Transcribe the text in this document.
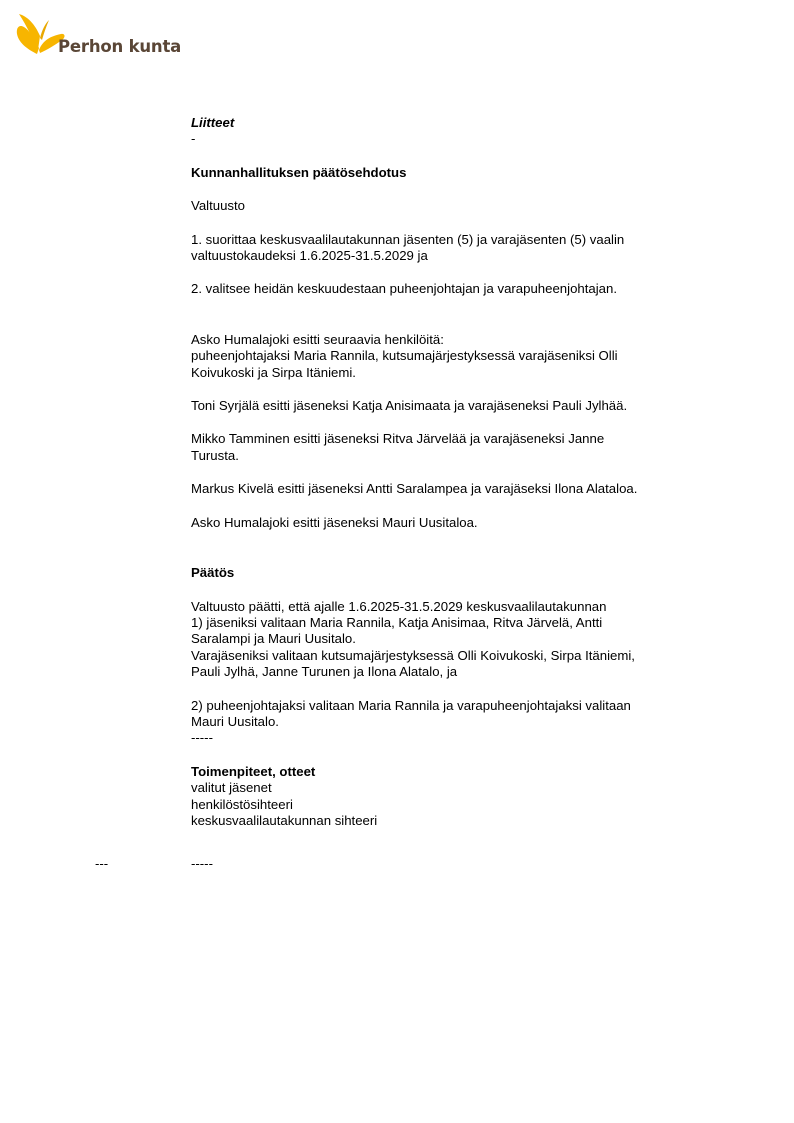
Perhon kunta

Liitteet

-

Kunnanhallituksen päätösehdotus

Valtuusto

1. suorittaa keskusvaalilautakunnan jäsenten (5) ja varajäsenten (5) vaalin

valtuustokaudeksi 1.6.2025-31.5.2029 ja

2. valitsee heidän keskuudestaan puheenjohtajan ja varapuheenjohtajan.

Asko Humalajoki esitti seuraavia henkilöitä:

puheenjohtajaksi Maria Rannila, kutsumajärjestyksessä varajäseniksi Olli

Koivukoski ja Sirpa Itäniemi.

Toni Syrjälä esitti jäseneksi Katja Anisimaata ja varajäseneksi Pauli Jylhää.

Mikko Tamminen esitti jäseneksi Ritva Järvelää ja varajäseneksi Janne

Turusta.

Markus Kivelä esitti jäseneksi Antti Saralampea ja varajäseksi Ilona Alataloa.

Asko Humalajoki esitti jäseneksi Mauri Uusitaloa.

Päätös

Valtuusto päätti, että ajalle 1.6.2025-31.5.2029 keskusvaalilautakunnan

1) jäseniksi valitaan Maria Rannila, Katja Anisimaa, Ritva Järvelä, Antti

Saralampi ja Mauri Uusitalo.

Varajäseniksi valitaan kutsumajärjestyksessä Olli Koivukoski, Sirpa Itäniemi,

Pauli Jylhä, Janne Turunen ja Ilona Alatalo, ja

2) puheenjohtajaksi valitaan Maria Rannila ja varapuheenjohtajaksi valitaan

Mauri Uusitalo.

-----

Toimenpiteet, otteet

valitut jäsenet

henkilöstösihteeri

keskusvaalilautakunnan sihteeri

---	-----
